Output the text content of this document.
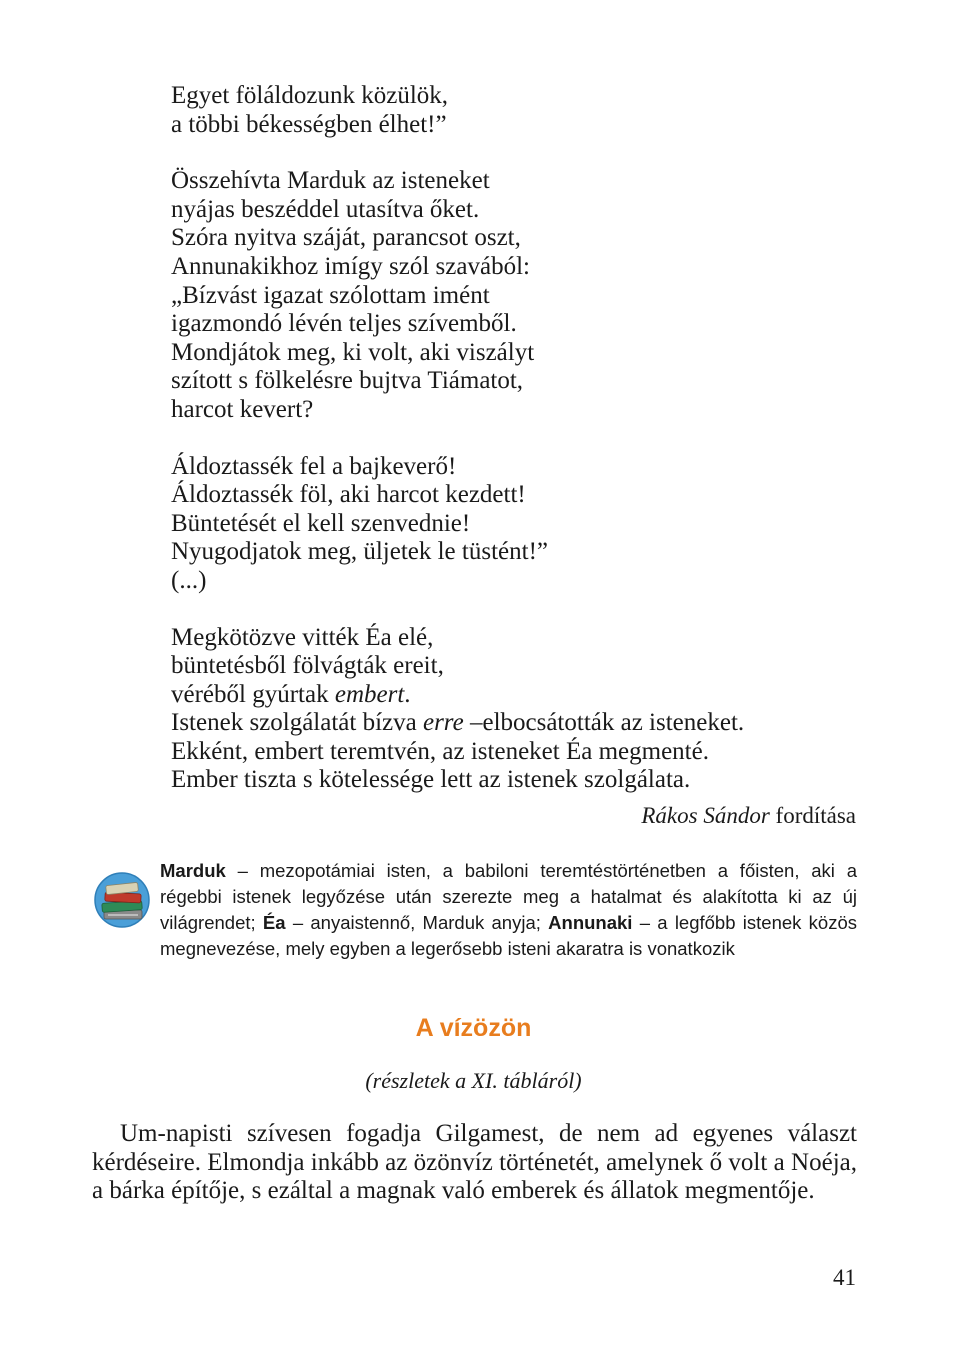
Egyet föláldozunk közülök,
a többi békességben élhet!”
Összehívta Marduk az isteneket
nyájas beszéddel utasítva őket.
Szóra nyitva száját, parancsot oszt,
Annunakikhoz imígy szól szavából:
„Bízvást igazat szólottam imént
igazmondó lévén teljes szívemből.
Mondjátok meg, ki volt, aki viszályt
szított s fölkelésre bujtva Tiámatot,
harcot kevert?
Áldoztassék fel a bajkeverő!
Áldoztassék föl, aki harcot kezdett!
Büntetését el kell szenvednie!
Nyugodjatok meg, üljetek le tüstént!”
(...)
Megkötözve vitték Éa elé,
büntetésből fölvágták ereit,
véréből gyúrtak embert.
Istenek szolgálatát bízva erre –elbocsátották az isteneket.
Ekként, embert teremtvén, az isteneket Éa megmenté.
Ember tiszta s kötelessége lett az istenek szolgálata.
Rákos Sándor fordítása
Marduk – mezopotámiai isten, a babiloni teremtéstörténetben a főisten, aki a régebbi istenek legyőzése után szerezte meg a hatalmat és alakította ki az új világrendet; Éa – anyaistennő, Marduk anyja; Annunaki – a legfőbb istenek közös megnevezése, mely egyben a legerősebb isteni akaratra is vonatkozik
A vízözön
(részletek a XI. tábláról)
Um-napisti szívesen fogadja Gilgamest, de nem ad egyenes választ kérdéseire. Elmondja inkább az özönvíz történetét, amelynek ő volt a Noéja, a bárka építője, s ezáltal a magnak való emberek és állatok megmentője.
41
